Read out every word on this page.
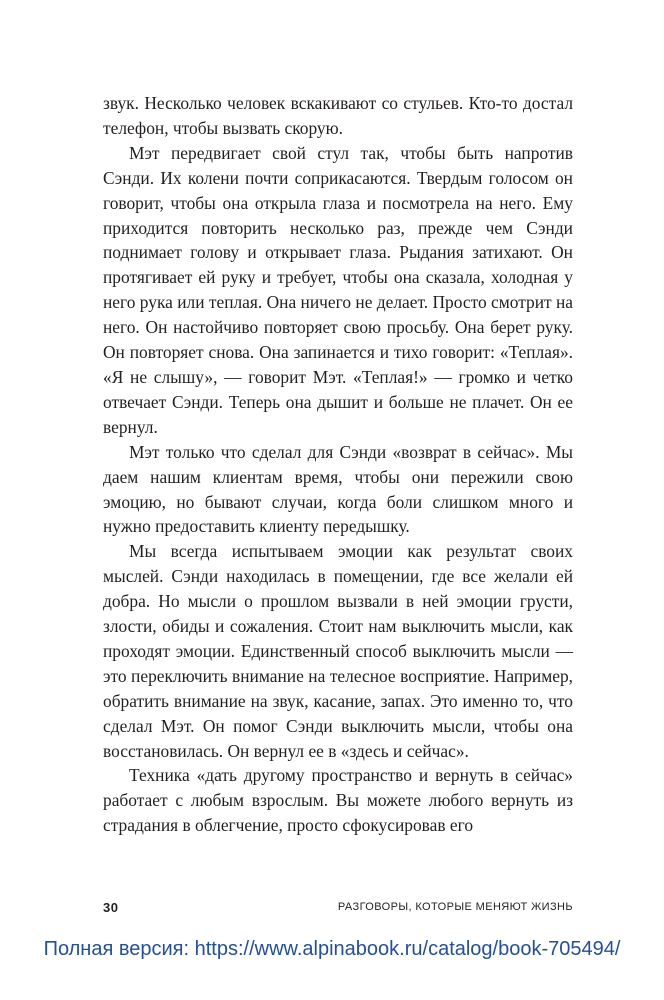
звук. Несколько человек вскакивают со стульев. Кто-то достал телефон, чтобы вызвать скорую.

Мэт передвигает свой стул так, чтобы быть напротив Сэнди. Их колени почти соприкасаются. Твердым голосом он говорит, чтобы она открыла глаза и посмотрела на него. Ему приходится повторить несколько раз, прежде чем Сэнди поднимает голову и открывает глаза. Рыдания затихают. Он протягивает ей руку и требует, чтобы она сказала, холодная у него рука или теплая. Она ничего не делает. Просто смотрит на него. Он настойчиво повторяет свою просьбу. Она берет руку. Он повторяет снова. Она запинается и тихо говорит: «Теплая». «Я не слышу», — говорит Мэт. «Теплая!» — громко и четко отвечает Сэнди. Теперь она дышит и больше не плачет. Он ее вернул.

Мэт только что сделал для Сэнди «возврат в сейчас». Мы даем нашим клиентам время, чтобы они пережили свою эмоцию, но бывают случаи, когда боли слишком много и нужно предоставить клиенту передышку.

Мы всегда испытываем эмоции как результат своих мыслей. Сэнди находилась в помещении, где все желали ей добра. Но мысли о прошлом вызвали в ней эмоции грусти, злости, обиды и сожаления. Стоит нам выключить мысли, как проходят эмоции. Единственный способ выключить мысли — это переключить внимание на телесное восприятие. Например, обратить внимание на звук, касание, запах. Это именно то, что сделал Мэт. Он помог Сэнди выключить мысли, чтобы она восстановилась. Он вернул ее в «здесь и сейчас».

Техника «дать другому пространство и вернуть в сейчас» работает с любым взрослым. Вы можете любого вернуть из страдания в облегчение, просто сфокусировав его

30	РАЗГОВОРЫ, КОТОРЫЕ МЕНЯЮТ ЖИЗНЬ
Полная версия: https://www.alpinabook.ru/catalog/book-705494/
